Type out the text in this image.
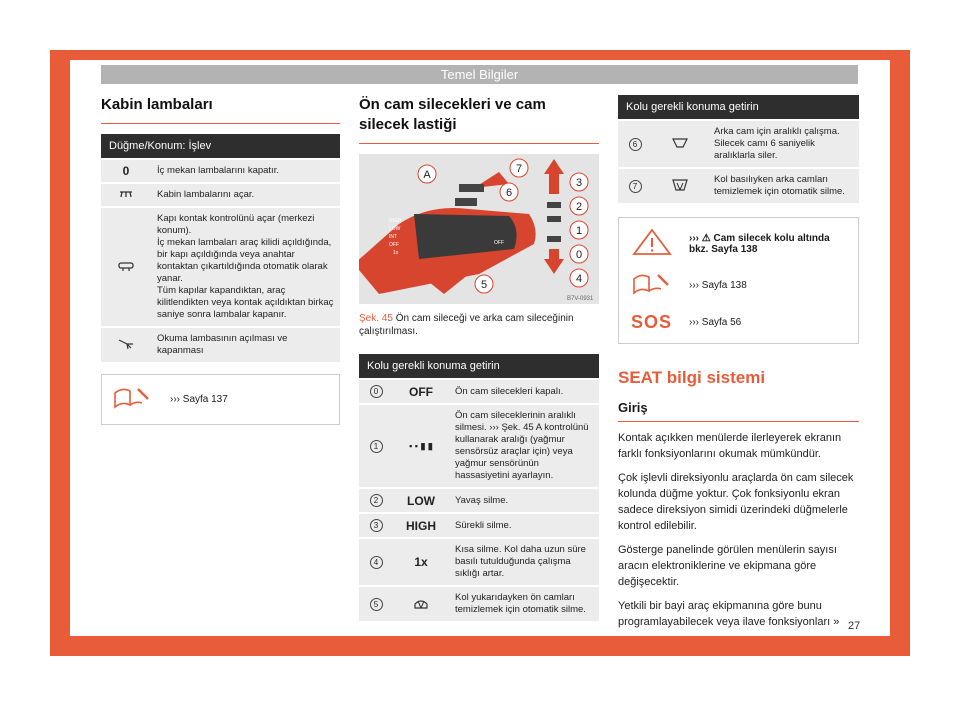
Temel Bilgiler
Kabin lambaları
Düğme/Konum: İşlev	
0	İç mekan lambalarını kapatır.
	Kabin lambalarını açar.
	Kapı kontak kontrolünü açar (merkezi konum).
İç mekan lambaları araç kilidi açıldığında, bir kapı açıldığında veya anahtar kontaktan çıkartıldığında otomatik olarak yanar.
Tüm kapılar kapandıktan, araç kilitlendikten veya kontak açıldıktan birkaç saniye sonra lambalar kapanır.
	Okuma lambasının açılması ve kapanması
››› Sayfa 137
Ön cam silecekleri ve cam silecek lastiği
HIGH
LOW
INT
OFF
1x
OFF
A	7
6
5
3
2
1
0
4
B7V-0931
Şek. 45 Ön cam sileceği ve arka cam sileceğinin çalıştırılması.
Kolu gerekli konuma getirin		
0	OFF	Ön cam silecekleri kapalı.
1	▪ ▪ ▮ ▮	Ön cam sileceklerinin aralıklı silmesi. ››› Şek. 45 A kontrolünü kullanarak aralığı (yağmur sensörsüz araçlar için) veya yağmur sensörünün hassasiyetini ayarlayın.
2	LOW	Yavaş silme.
3	HIGH	Sürekli silme.
4	1x	Kısa silme. Kol daha uzun süre basılı tutulduğunda çalışma sıklığı artar.
5		Kol yukarıdayken ön camları temizlemek için otomatik silme.
Kolu gerekli konuma getirin		
6		Arka cam için aralıklı çalışma. Silecek camı 6 saniyelik aralıklarla siler.
7		Kol basılıyken arka camları temizlemek için otomatik silme.
››› ⚠ Cam silecek kolu altında bkz. Sayfa 138
››› Sayfa 138
SOS ››› Sayfa 56
SEAT bilgi sistemi
Giriş
Kontak açıkken menülerde ilerleyerek ekranın farklı fonksiyonlarını okumak mümkündür.
Çok işlevli direksiyonlu araçlarda ön cam silecek kolunda düğme yoktur. Çok fonksiyonlu ekran sadece direksiyon simidi üzerindeki düğmelerle kontrol edilebilir.
Gösterge panelinde görülen menülerin sayısı aracın elektroniklerine ve ekipmana göre değişecektir.
Yetkili bir bayi araç ekipmanına göre bunu programlayabilecek veya ilave fonksiyonları » 27
